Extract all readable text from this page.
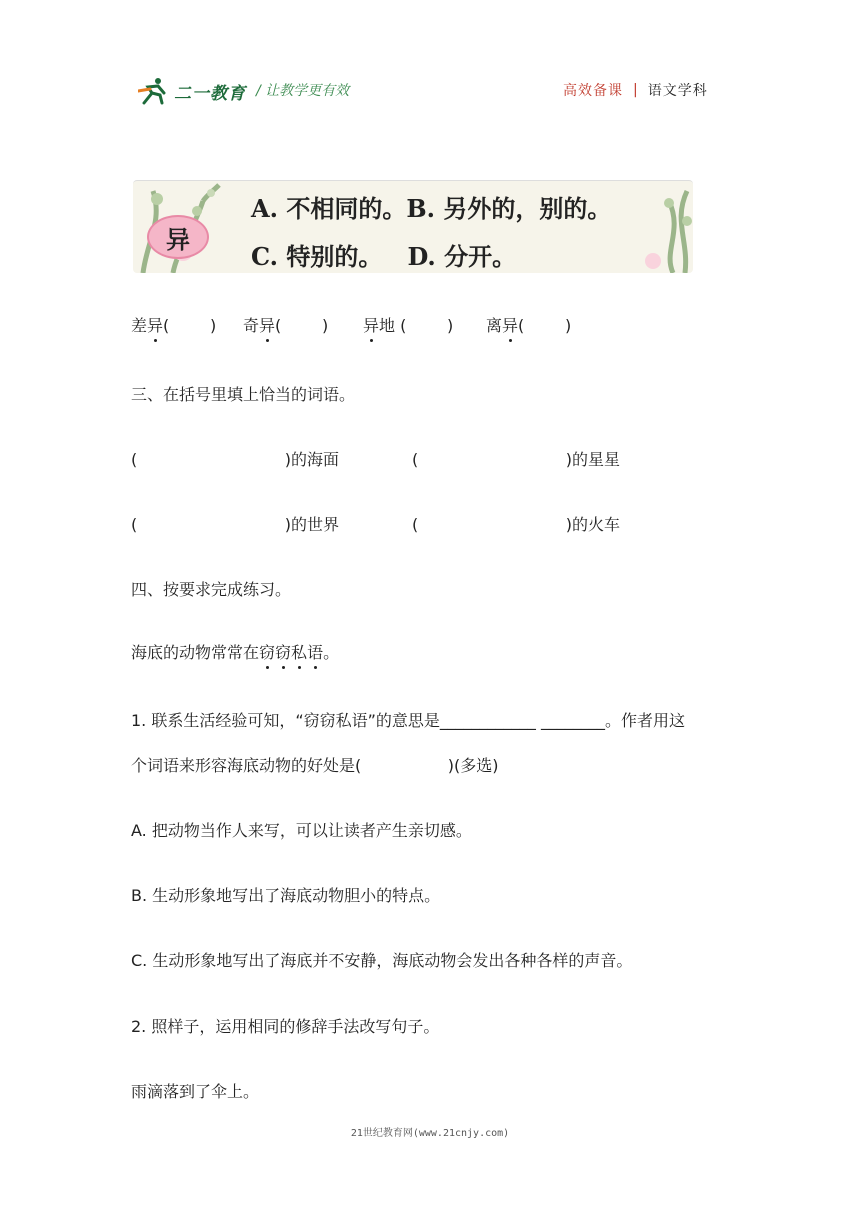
二一教育 / 让教学更有效	高效备课 | 语文学科
异
A. 不相同的。B. 另外的，别的。
C. 特别的。   D. 分开。
差异(        ) 奇异(        ) 异地 (        ) 离异(        )
三、在括号里填上恰当的词语。
(                             )的海面	(                             )的星星
(                             )的世界	(                             )的火车
四、按要求完成练习。
海底的动物常常在窃窃私语。
1. 联系生活经验可知，“窃窃私语”的意思是____________ ________。作者用这
个词语来形容海底动物的好处是(                 )(多选)
A. 把动物当作人来写，可以让读者产生亲切感。
B. 生动形象地写出了海底动物胆小的特点。
C. 生动形象地写出了海底并不安静，海底动物会发出各种各样的声音。
2. 照样子，运用相同的修辞手法改写句子。
雨滴落到了伞上。
21世纪教育网(www.21cnjy.com)
